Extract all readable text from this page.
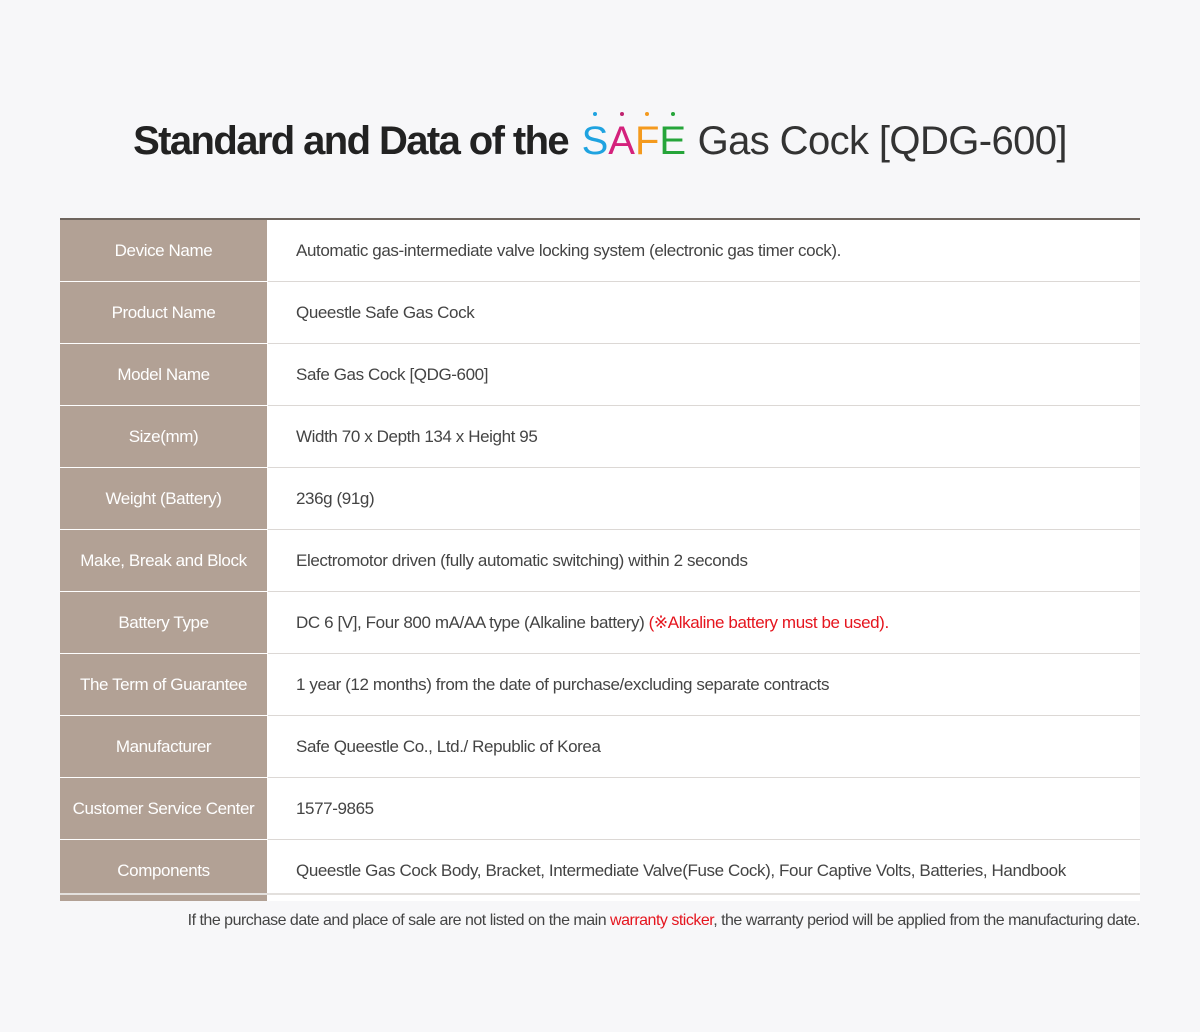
Standard and Data of the S
A
F
E Gas Cock [QDG-600]
Device Name	Automatic gas-intermediate valve locking system (electronic gas timer cock).
Product Name	Queestle Safe Gas Cock
Model Name	Safe Gas Cock [QDG-600]
Size(mm)	Width 70 x Depth 134 x Height 95
Weight (Battery)	236g (91g)
Make, Break and Block	Electromotor driven (fully automatic switching) within 2 seconds
Battery Type	DC 6 [V], Four 800 mA/AA type (Alkaline battery) (※Alkaline battery must be used).
The Term of Guarantee	1 year (12 months) from the date of purchase/excluding separate contracts
Manufacturer	Safe Queestle Co., Ltd./ Republic of Korea
Customer Service Center	1577-9865
Components	Queestle Gas Cock Body, Bracket, Intermediate Valve(Fuse Cock), Four Captive Volts, Batteries, Handbook
If the purchase date and place of sale are not listed on the main warranty sticker, the warranty period will be applied from the manufacturing date.
